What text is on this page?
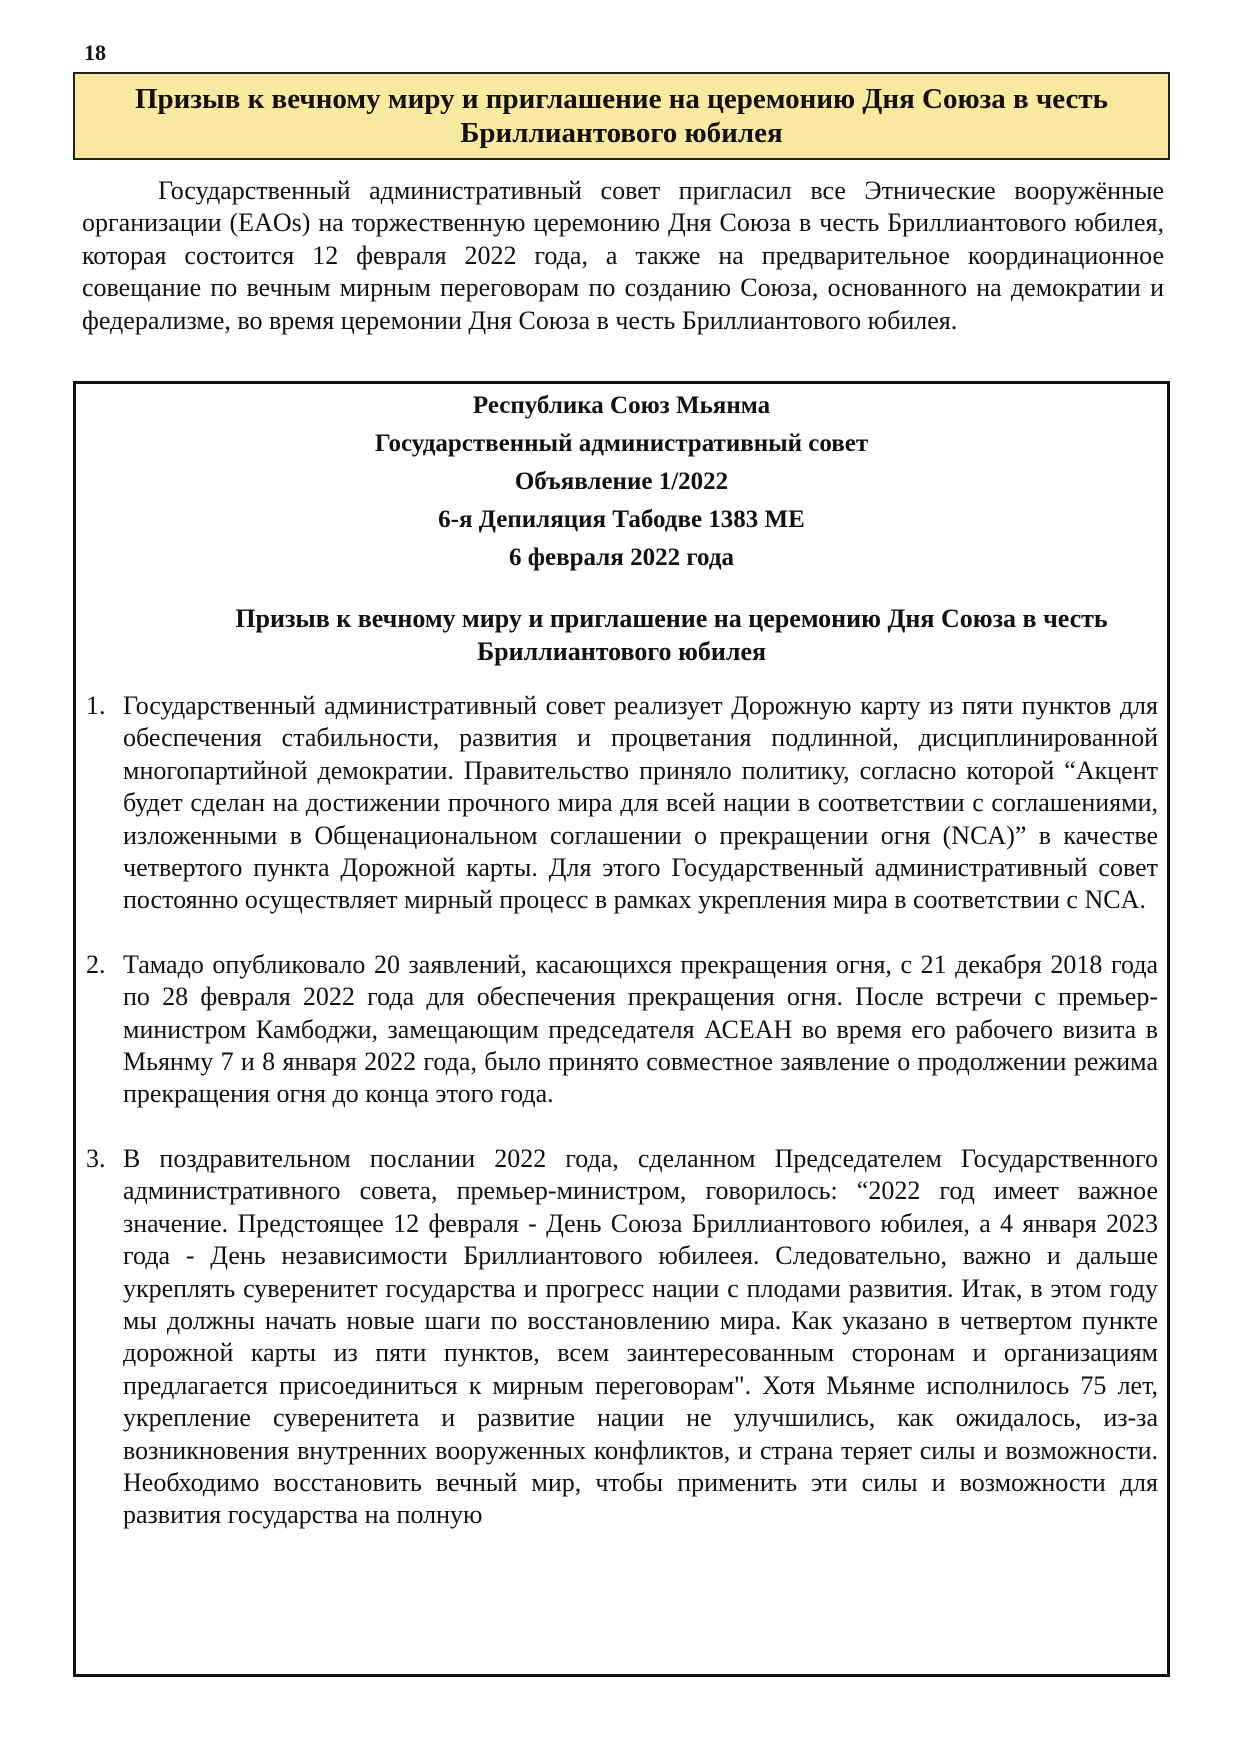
18
Призыв к вечному миру и приглашение на церемонию Дня Союза в честь Бриллиантового юбилея

Государственный административный совет пригласил все Этнические вооружённые организации (EAOs) на торжественную церемонию Дня Союза в честь Бриллиантового юбилея, которая состоится 12 февраля 2022 года, а также на предварительное координационное совещание по вечным мирным переговорам по созданию Союза, основанного на демократии и федерализме, во время церемонии Дня Союза в честь Бриллиантового юбилея.

Республика Союз Мьянма
Государственный административный совет
Объявление 1/2022
6-я Депиляция Табодве 1383 ME
6 февраля 2022 года
Призыв к вечному миру и приглашение на церемонию Дня Союза в честь
Бриллиантового юбилея
1. Государственный административный совет реализует Дорожную карту из пяти пунктов для обеспечения стабильности, развития и процветания подлинной, дисциплинированной многопартийной демократии. Правительство приняло политику, согласно которой “Акцент будет сделан на достижении прочного мира для всей нации в соответствии с соглашениями, изложенными в Общенациональном соглашении о прекращении огня (NCA)” в качестве четвертого пункта Дорожной карты. Для этого Государственный административный совет постоянно осуществляет мирный процесс в рамках укрепления мира в соответствии с NCA.
2. Тамадо опубликовало 20 заявлений, касающихся прекращения огня, с 21 декабря 2018 года по 28 февраля 2022 года для обеспечения прекращения огня. После встречи с премьер-министром Камбоджи, замещающим председателя АСЕАН во время его рабочего визита в Мьянму 7 и 8 января 2022 года, было принято совместное заявление о продолжении режима прекращения огня до конца этого года.
3. В поздравительном послании 2022 года, сделанном Председателем Государственного административного совета, премьер-министром, говорилось: “2022 год имеет важное значение. Предстоящее 12 февраля - День Союза Бриллиантового юбилея, а 4 января 2023 года - День независимости Бриллиантового юбилеея. Следовательно, важно и дальше укреплять суверенитет государства и прогресс нации с плодами развития. Итак, в этом году мы должны начать новые шаги по восстановлению мира. Как указано в четвертом пункте дорожной карты из пяти пунктов, всем заинтересованным сторонам и организациям предлагается присоединиться к мирным переговорам". Хотя Мьянме исполнилось 75 лет, укрепление суверенитета и развитие нации не улучшились, как ожидалось, из-за возникновения внутренних вооруженных конфликтов, и страна теряет силы и возможности. Необходимо восстановить вечный мир, чтобы применить эти силы и возможности для развития государства на полную
